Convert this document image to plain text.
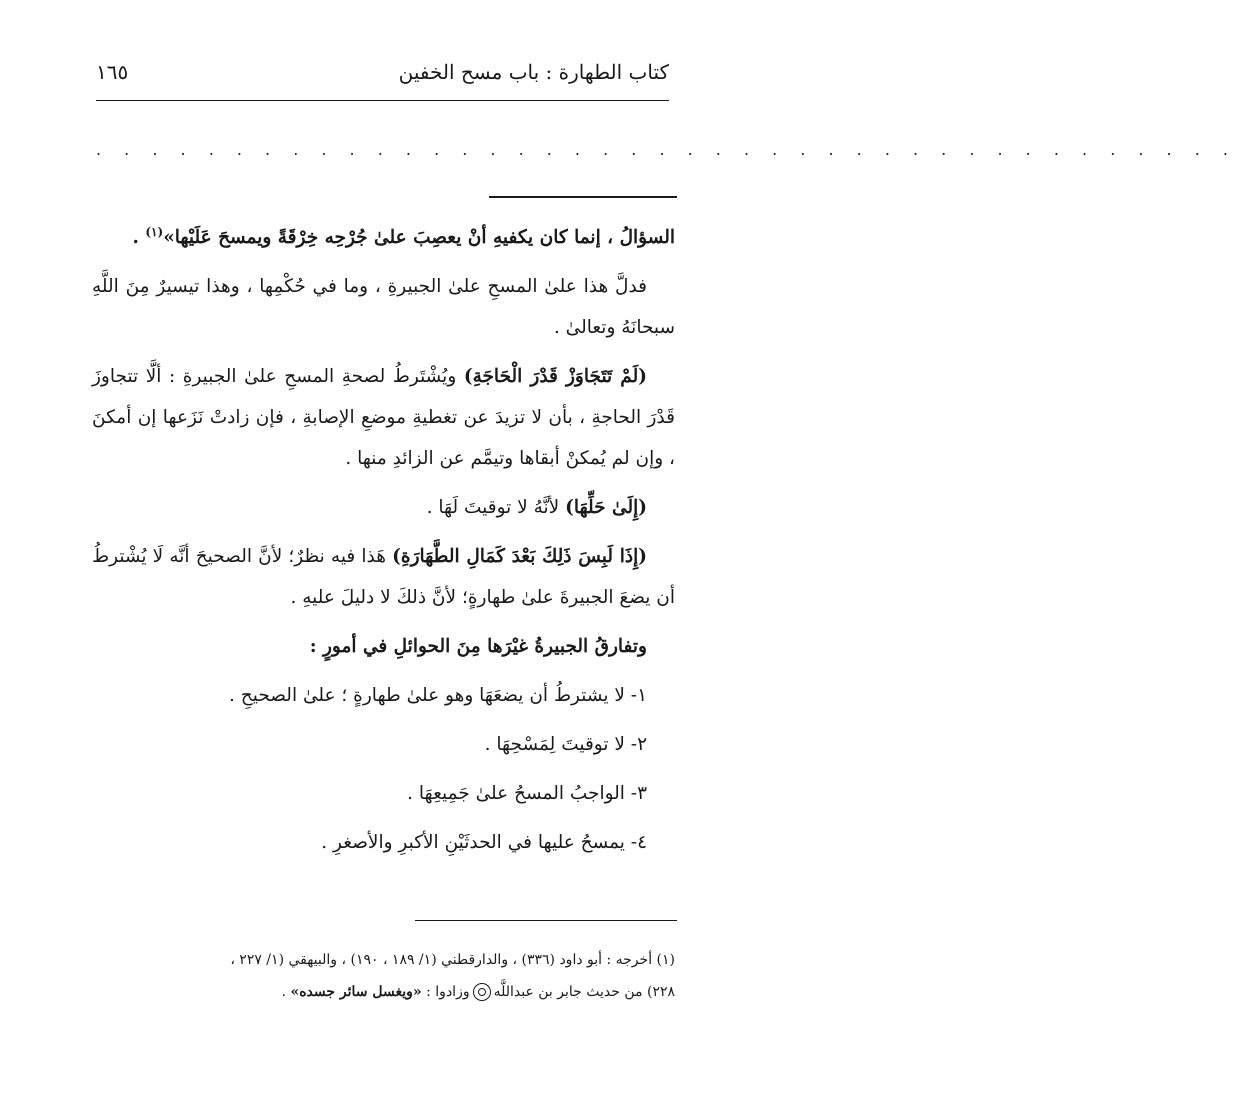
كتاب الطهارة : باب مسح الخفين
١٦٥
. . . . . . . . . . . . . . . . . . . . . . . . . . . . . . . . . . . . . . . . .

السؤالُ ، إنما كان يكفيهِ أنْ يعصِبَ علىٰ جُرْحِه خِرْقَةً ويمسحَ عَلَيْها»$^{(١)}$ .

فدلَّ هذا علىٰ المسحِ علىٰ الجبيرةِ ، وما في حُكْمِها ، وهذا تيسيرٌ مِنَ اللَّهِ سبحانَهُ وتعالىٰ .

(لَمْ تَتَجَاوَزْ قَدْرَ الْحَاجَةِ) ويُشْتَرطُ لصحةِ المسحِ علىٰ الجبيرةِ : ألَّا تتجاوزَ قَدْرَ الحاجةِ ، بأن لا تزيدَ عن تغطيةِ موضعِ الإصابةِ ، فإن زادتْ نَزَعها إن أمكنَ ، وإن لم يُمكنْ أبقاها وتيمَّم عن الزائدِ منها .

(إِلَىٰ حَلِّهَا) لأنَّهُ لا توقيتَ لَهَا .

(إِذَا لَبِسَ ذَلِكَ بَعْدَ كَمَالِ الطَّهَارَةِ) هَذا فيه نظرٌ؛ لأنَّ الصحيحَ أنَّه لَا يُشْترطُ أن يضعَ الجبيرةَ علىٰ طهارةٍ؛ لأنَّ ذلكَ لا دليلَ عليهِ .

وتفارقُ الجبيرةُ غيْرَها مِنَ الحوائلِ في أمورٍ :

١- لا يشترطُ أن يضعَهَا وهو علىٰ طهارةٍ ؛ علىٰ الصحيحِ .

٢- لا توقيتَ لِمَسْحِهَا .

٣- الواجبُ المسحُ علىٰ جَمِيعِهَا .

٤- يمسحُ عليها في الحدثَيْنِ الأكبرِ والأصغرِ .

(١) أخرجه : أبو داود (٣٣٦) ، والدارقطني (١/ ١٨٩ ، ١٩٠) ، والبيهقي (١/ ٢٢٧ ،

٢٢٨) من حديث جابر بن عبداللَّهوزادوا : «ويغسل سائر جسده» .
